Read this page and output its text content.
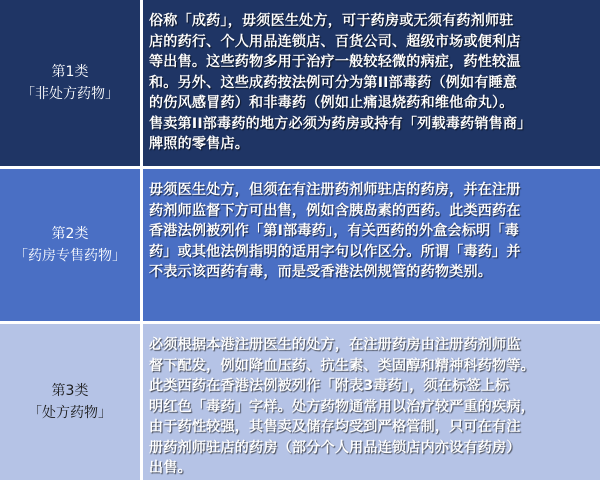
第1类
「非处方药物」
俗称「成药」，毋须医生处方，可于药房或无须有药剂师驻
店的药行、个人用品连锁店、百货公司、超级市场或便利店
等出售。这些药物多用于治疗一般较轻微的病症，药性较温
和。另外、这些成药按法例可分为第II部毒药（例如有睡意
的伤风感冒药）和非毒药（例如止痛退烧药和维他命丸）。
售卖第II部毒药的地方必须为药房或持有「列载毒药销售商」
牌照的零售店。
第2类
「药房专售药物」
毋须医生处方，但须在有注册药剂师驻店的药房，并在注册
药剂师监督下方可出售，例如含胰岛素的西药。此类西药在
香港法例被列作「第I部毒药」，有关西药的外盒会标明「毒
药」或其他法例指明的适用字句以作区分。所谓「毒药」并
不表示该西药有毒，而是受香港法例规管的药物类别。
第3类
「处方药物」
必须根据本港注册医生的处方，在注册药房由注册药剂师监
督下配发，例如降血压药、抗生素、类固醇和精神科药物等。
此类西药在香港法例被列作「附表3毒药」，须在标签上标
明红色「毒药」字样。处方药物通常用以治疗较严重的疾病，
由于药性较强，其售卖及储存均受到严格管制，只可在有注
册药剂师驻店的药房（部分个人用品连锁店内亦设有药房）
出售。
